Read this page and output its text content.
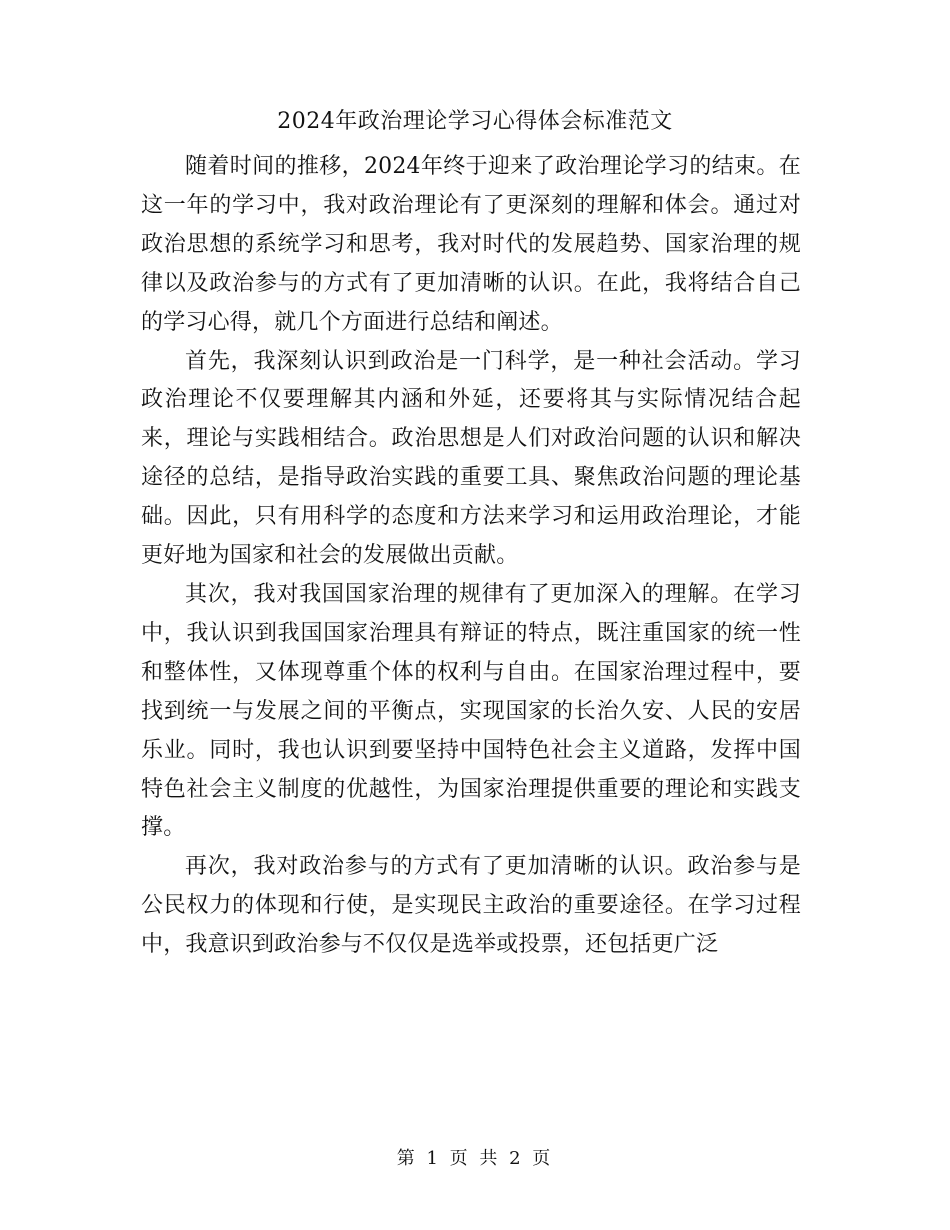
2024年政治理论学习心得体会标准范文

随着时间的推移，2024年终于迎来了政治理论学习的结束。在这一年的学习中，我对政治理论有了更深刻的理解和体会。通过对政治思想的系统学习和思考，我对时代的发展趋势、国家治理的规律以及政治参与的方式有了更加清晰的认识。在此，我将结合自己的学习心得，就几个方面进行总结和阐述。

首先，我深刻认识到政治是一门科学，是一种社会活动。学习政治理论不仅要理解其内涵和外延，还要将其与实际情况结合起来，理论与实践相结合。政治思想是人们对政治问题的认识和解决途径的总结，是指导政治实践的重要工具、聚焦政治问题的理论基础。因此，只有用科学的态度和方法来学习和运用政治理论，才能更好地为国家和社会的发展做出贡献。

其次，我对我国国家治理的规律有了更加深入的理解。在学习中，我认识到我国国家治理具有辩证的特点，既注重国家的统一性和整体性，又体现尊重个体的权利与自由。在国家治理过程中，要找到统一与发展之间的平衡点，实现国家的长治久安、人民的安居乐业。同时，我也认识到要坚持中国特色社会主义道路，发挥中国特色社会主义制度的优越性，为国家治理提供重要的理论和实践支撑。

再次，我对政治参与的方式有了更加清晰的认识。政治参与是公民权力的体现和行使，是实现民主政治的重要途径。在学习过程中，我意识到政治参与不仅仅是选举或投票，还包括更广泛

第 1 页 共 2 页
